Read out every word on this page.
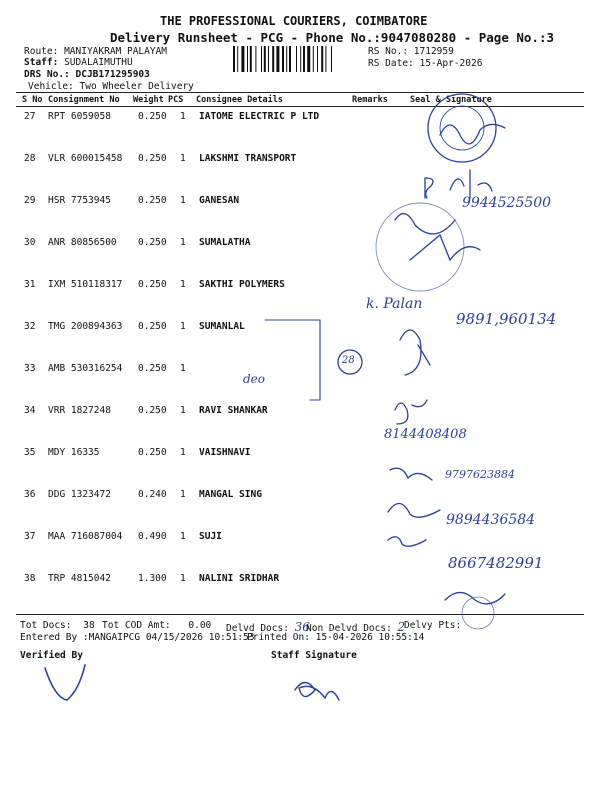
THE PROFESSIONAL COURIERS, COIMBATORE
Delivery Runsheet - PCG - Phone No.:9047080280 - Page No.:3
Route: MANIYAKRAM PALAYAM
Staff: SUDALAIMUTHU
DRS No.: DCJB171295903
Vehicle: Two Wheeler Delivery
RS No.: 1712959
RS Date: 15-Apr-2026
S No Consignment No Weight PCS Consignee Details	Remarks	Seal & Signature
27 RPT 6059058	0.250 1 IATOME ELECTRIC P LTD
28 VLR 600015458 0.250 1 LAKSHMI TRANSPORT
29 HSR 7753945	0.250 1 GANESAN
30 ANR 80856500 0.250 1 SUMALATHA
31 IXM 510118317 0.250 1 SAKTHI POLYMERS
32 TMG 200894363 0.250 1 SUMANLAL
33 AMB 530316254 0.250 1
34 VRR 1827248	0.250 1 RAVI SHANKAR
35 MDY 16335	0.250 1 VAISHNAVI
36 DDG 1323472	0.240 1 MANGAL SING
37 MAA 716087004 0.490 1 SUJI
38 TRP 4815042	1.300 1 NALINI SRIDHAR
Tot Docs: 38 Tot COD Amt: 0.00 Delvd Docs: 36
Non Delvd Docs: 2
Delvy Pts:
Entered By :MANGAIPCG 04/15/2026 10:51:53
Printed On: 15-04-2026 10:55:14
Verified By	Staff Signature
9944525500
k. Palan
9891,960134
deo
28
8144408408
9797623884
9894436584
8667482991
